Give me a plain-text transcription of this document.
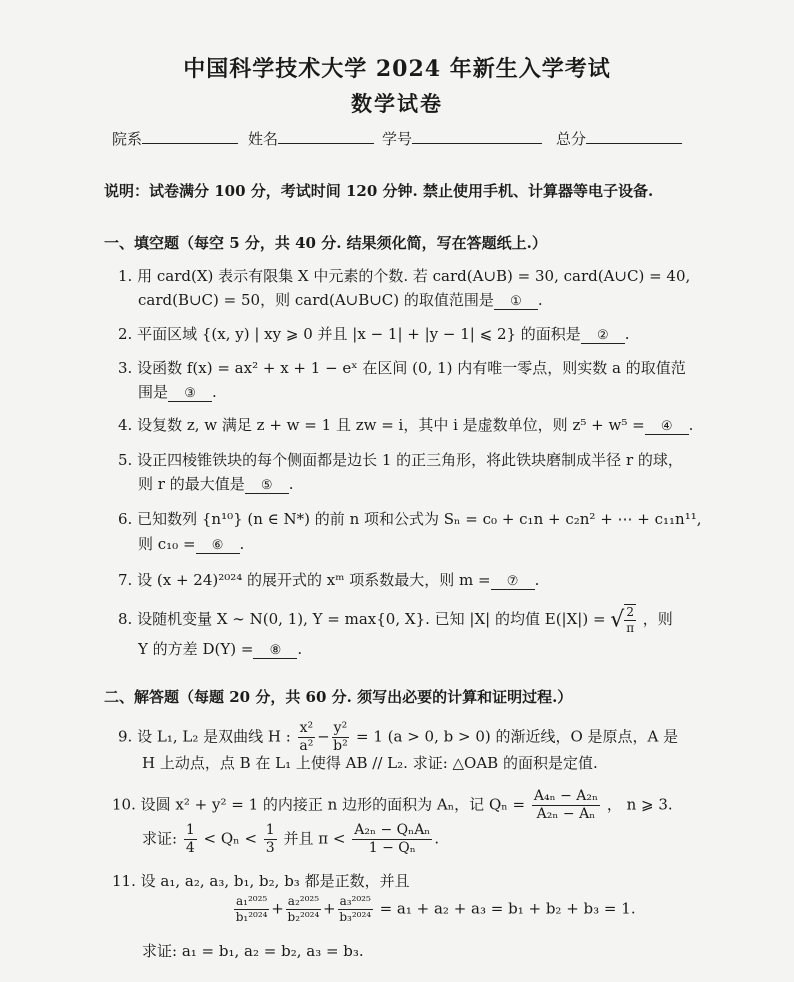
中国科学技术大学 2024 年新生入学考试
数学试卷
院系	姓名	学号	总分
说明：试卷满分 100 分，考试时间 120 分钟. 禁止使用手机、计算器等电子设备.
一、填空题（每空 5 分，共 40 分. 结果须化简，写在答题纸上.）
1. 用 card(X) 表示有限集 X 中元素的个数. 若 card(A∪B) = 30, card(A∪C) = 40,
card(B∪C) = 50，则 card(A∪B∪C) 的取值范围是 ① .
2. 平面区域 {(x, y) | xy ⩾ 0 并且 |x − 1| + |y − 1| ⩽ 2} 的面积是 ② .
3. 设函数 f(x) = ax² + x + 1 − eˣ 在区间 (0, 1) 内有唯一零点，则实数 a 的取值范
围是 ③ .
4. 设复数 z, w 满足 z + w = 1 且 zw = i，其中 i 是虚数单位，则 z⁵ + w⁵ = ④ .
5. 设正四棱锥铁块的每个侧面都是边长 1 的正三角形，将此铁块磨制成半径 r 的球，
则 r 的最大值是 ⑤ .
6. 已知数列 {n¹⁰} (n ∈ N*) 的前 n 项和公式为 Sₙ = c₀ + c₁n + c₂n² + ⋯ + c₁₁n¹¹,
则 c₁₀ = ⑥ .
7. 设 (x + 24)²⁰²⁴ 的展开式的 xᵐ 项系数最大，则 m = ⑦ .
8. 设随机变量 X ∼ N(0, 1), Y = max{0, X}. 已知 |X| 的均值 E(|X|) = √ $\frac{2}{\pi}$ ，则
Y 的方差 D(Y) = ⑧ .
二、解答题（每题 20 分，共 60 分. 须写出必要的计算和证明过程.）
9. 设 L₁, L₂ 是双曲线 H : $\frac{\text{x²}}{\text{a²}} - \frac{\text{y²}}{\text{b²}} = 1$ (a > 0, b > 0) 的渐近线，O 是原点，A 是
H 上动点，点 B 在 L₁ 上使得 AB // L₂. 求证: △OAB 的面积是定值.
10. 设圆 x² + y² = 1 的内接正 n 边形的面积为 Aₙ，记 $Q_n = \frac{\text{A₄ₙ − A₂ₙ}}{\text{A₂ₙ − Aₙ}}$ ， n ⩾ 3.
求证: $\frac{1}{4} < Q_n < \frac{1}{3}$ 并且 $\pi < \frac{\text{A₂ₙ − QₙAₙ}}{\text{1 − Qₙ}}$ .
11. 设 a₁, a₂, a₃, b₁, b₂, b₃ 都是正数，并且
$\frac{\text{a₁²⁰²⁵}}{\text{b₁²⁰²⁴}} + \frac{\text{a₂²⁰²⁵}}{\text{b₂²⁰²⁴}} + \frac{\text{a₃²⁰²⁵}}{\text{b₃²⁰²⁴}} = a_1 + a_2 + a_3 = b_1 + b_2 + b_3 = 1$.
求证: a₁ = b₁, a₂ = b₂, a₃ = b₃.
